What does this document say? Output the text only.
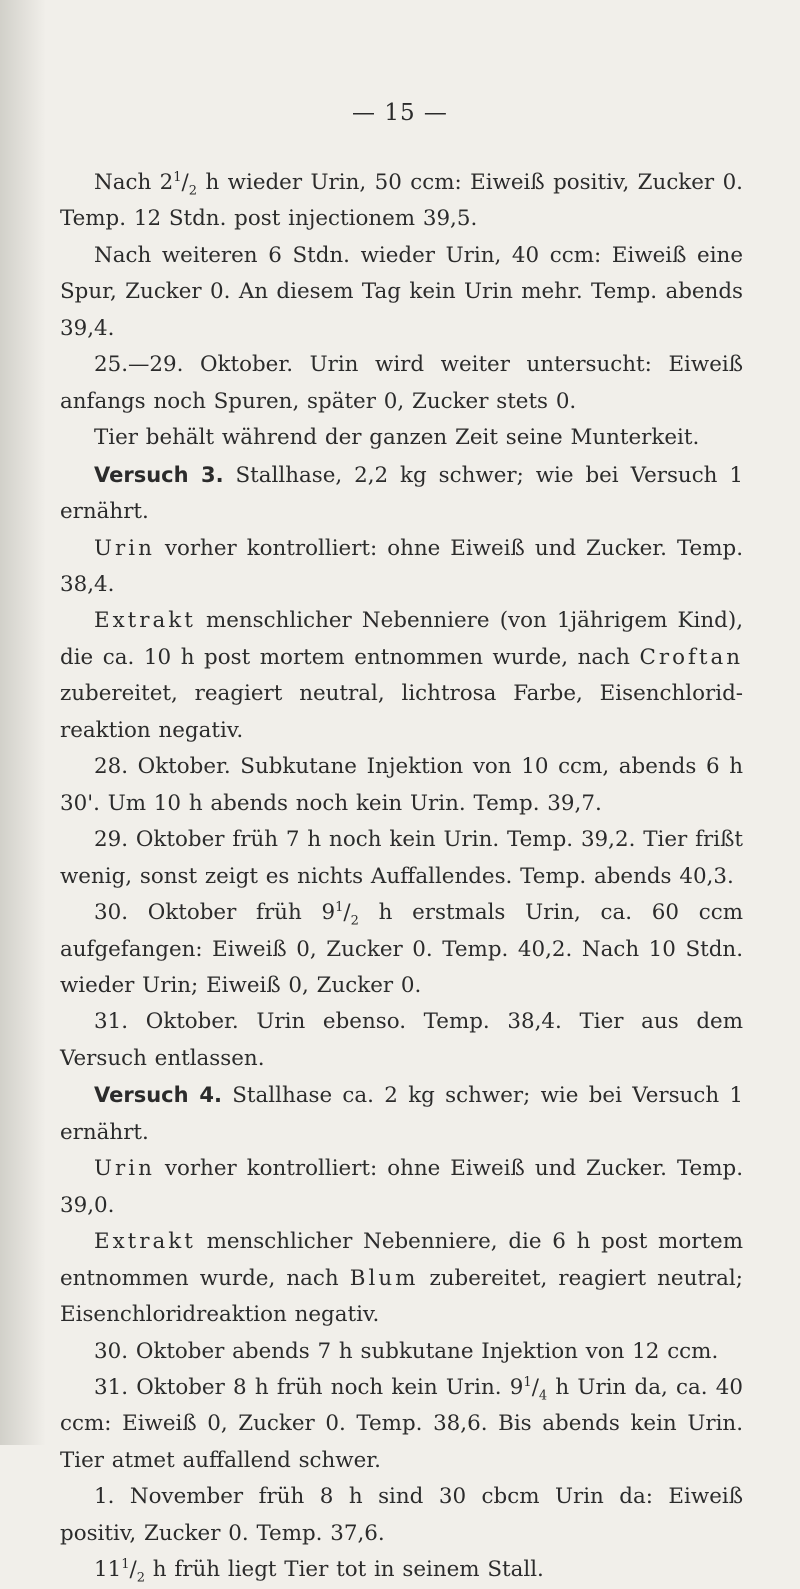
— 15 —

Nach $2^1/_2$ h wieder Urin, 50 ccm: Eiweiß positiv, Zucker 0. Temp. 12 Stdn. post injectionem 39,5.

Nach weiteren 6 Stdn. wieder Urin, 40 ccm: Eiweiß eine Spur, Zucker 0. An diesem Tag kein Urin mehr. Temp. abends 39,4.

25.—29. Oktober. Urin wird weiter untersucht: Eiweiß anfangs noch Spuren, später 0, Zucker stets 0.

Tier behält während der ganzen Zeit seine Munterkeit.

Versuch 3. Stallhase, 2,2 kg schwer; wie bei Versuch 1 ernährt.

Urin vorher kontrolliert: ohne Eiweiß und Zucker. Temp. 38,4.

Extrakt menschlicher Nebenniere (von 1jährigem Kind), die ca. 10 h post mortem entnommen wurde, nach Croftan zubereitet, reagiert neutral, lichtrosa Farbe, Eisenchlorid-reaktion negativ.

28. Oktober. Subkutane Injektion von 10 ccm, abends 6 h 30'. Um 10 h abends noch kein Urin. Temp. 39,7.

29. Oktober früh 7 h noch kein Urin. Temp. 39,2. Tier frißt wenig, sonst zeigt es nichts Auffallendes. Temp. abends 40,3.

30. Oktober früh $9^1/_2$ h erstmals Urin, ca. 60 ccm aufgefangen: Eiweiß 0, Zucker 0. Temp. 40,2. Nach 10 Stdn. wieder Urin; Eiweiß 0, Zucker 0.

31. Oktober. Urin ebenso. Temp. 38,4. Tier aus dem Versuch entlassen.

Versuch 4. Stallhase ca. 2 kg schwer; wie bei Versuch 1 ernährt.

Urin vorher kontrolliert: ohne Eiweiß und Zucker. Temp. 39,0.

Extrakt menschlicher Nebenniere, die 6 h post mortem entnommen wurde, nach Blum zubereitet, reagiert neutral; Eisenchloridreaktion negativ.

30. Oktober abends 7 h subkutane Injektion von 12 ccm.

31. Oktober 8 h früh noch kein Urin. $9^1/_4$ h Urin da, ca. 40 ccm: Eiweiß 0, Zucker 0. Temp. 38,6. Bis abends kein Urin. Tier atmet auffallend schwer.

1. November früh 8 h sind 30 cbcm Urin da: Eiweiß positiv, Zucker 0. Temp. 37,6.

$11^1/_2$ h früh liegt Tier tot in seinem Stall.
